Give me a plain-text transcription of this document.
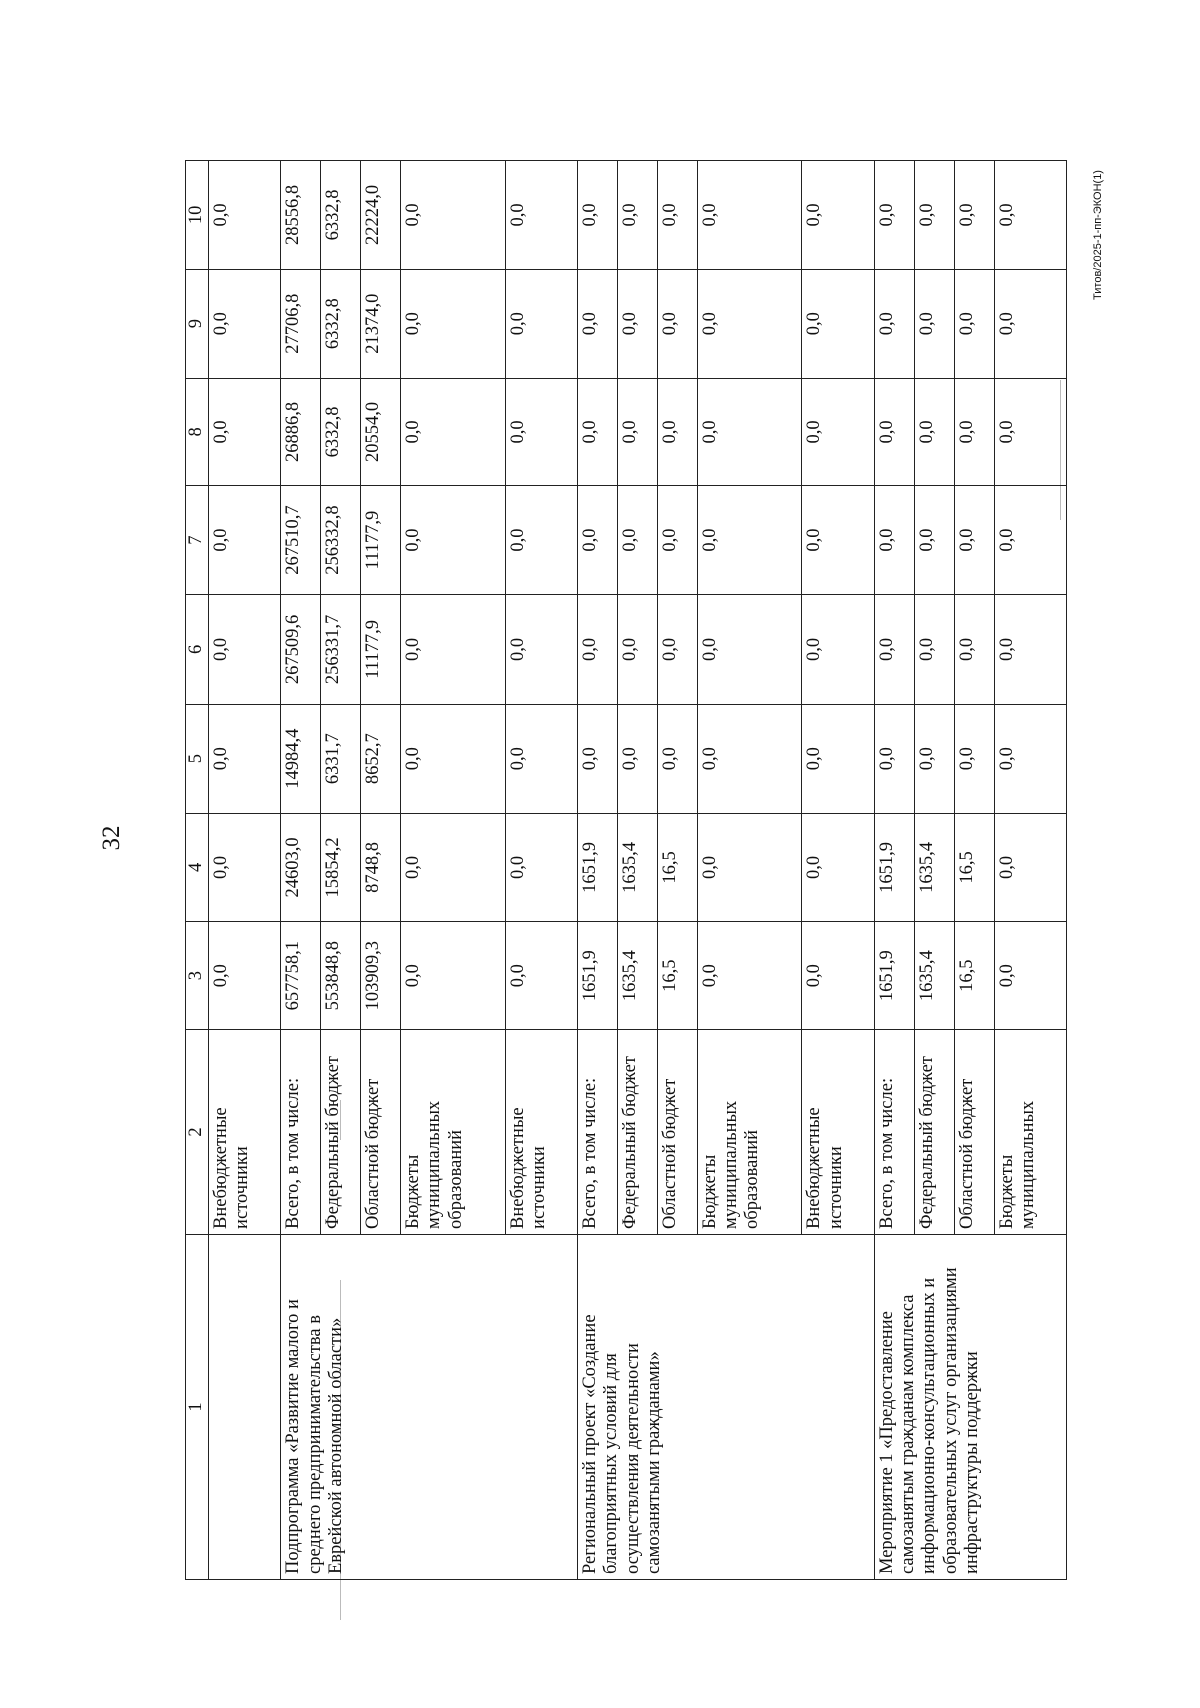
32
Титов/2025-1-пп-ЭКОН(1)
1	2	3	4	5	6	7	8	9	10
	Внебюджетные источники	0,0	0,0	0,0	0,0	0,0	0,0	0,0	0,0
Подпрограмма «Развитие малого и среднего предпринимательства в Еврейской автономной области»	Всего, в том числе:	657758,1	24603,0	14984,4	267509,6	267510,7	26886,8	27706,8	28556,8
	Федеральный бюджет	553848,8	15854,2	6331,7	256331,7	256332,8	6332,8	6332,8	6332,8
	Областной бюджет	103909,3	8748,8	8652,7	11177,9	11177,9	20554,0	21374,0	22224,0
	Бюджеты муниципальных образований	0,0	0,0	0,0	0,0	0,0	0,0	0,0	0,0
	Внебюджетные источники	0,0	0,0	0,0	0,0	0,0	0,0	0,0	0,0
Региональный проект «Создание благоприятных условий для осуществления деятельности самозанятыми гражданами»	Всего, в том числе:	1651,9	1651,9	0,0	0,0	0,0	0,0	0,0	0,0
	Федеральный бюджет	1635,4	1635,4	0,0	0,0	0,0	0,0	0,0	0,0
	Областной бюджет	16,5	16,5	0,0	0,0	0,0	0,0	0,0	0,0
	Бюджеты муниципальных образований	0,0	0,0	0,0	0,0	0,0	0,0	0,0	0,0
	Внебюджетные источники	0,0	0,0	0,0	0,0	0,0	0,0	0,0	0,0
Мероприятие 1 «Предоставление самозанятым гражданам комплекса информационно-консультационных и образовательных услуг организациями инфраструктуры поддержки	Всего, в том числе:	1651,9	1651,9	0,0	0,0	0,0	0,0	0,0	0,0
	Федеральный бюджет	1635,4	1635,4	0,0	0,0	0,0	0,0	0,0	0,0
	Областной бюджет	16,5	16,5	0,0	0,0	0,0	0,0	0,0	0,0
	Бюджеты муниципальных	0,0	0,0	0,0	0,0	0,0	0,0	0,0	0,0
